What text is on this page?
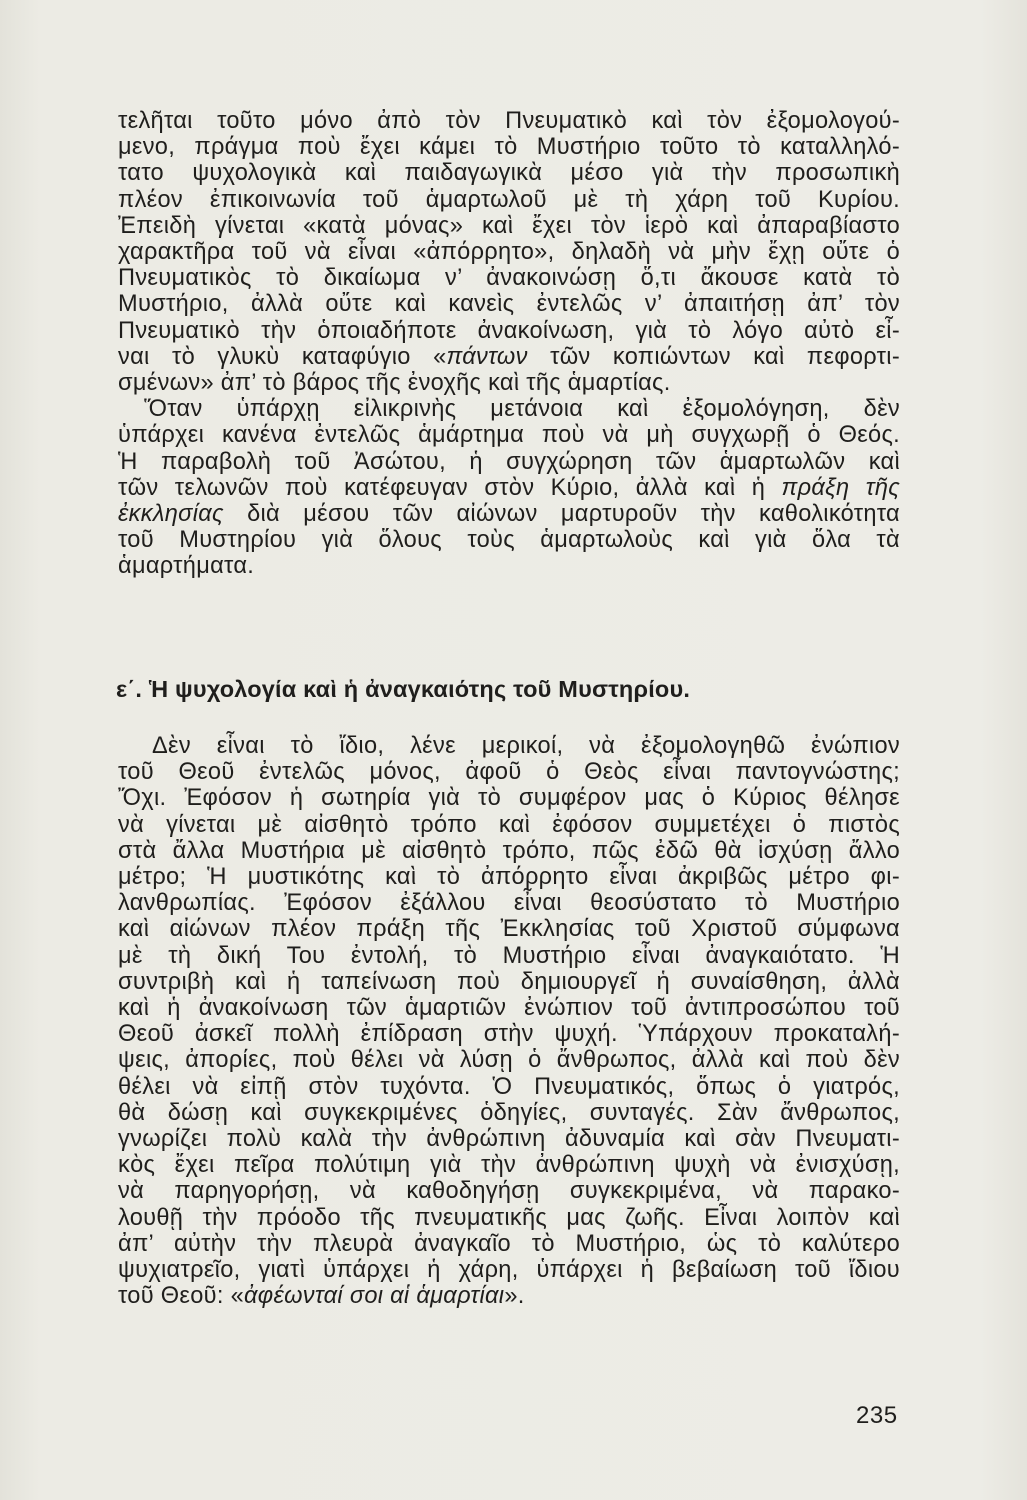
τελῆται τοῦτο μόνο ἀπὸ τὸν Πνευματικὸ καὶ τὸν ἐξομολογού-
μενο, πράγμα ποὺ ἔχει κάμει τὸ Μυστήριο τοῦτο τὸ καταλληλό-
τατο ψυχολογικὰ καὶ παιδαγωγικὰ μέσο γιὰ τὴν προσωπικὴ
πλέον ἐπικοινωνία τοῦ ἁμαρτωλοῦ μὲ τὴ χάρη τοῦ Κυρίου.
Ἐπειδὴ γίνεται «κατὰ μόνας» καὶ ἔχει τὸν ἱερὸ καὶ ἀπαραβίαστο
χαρακτῆρα τοῦ νὰ εἶναι «ἀπόρρητο», δηλαδὴ νὰ μὴν ἔχῃ οὔτε ὁ
Πνευματικὸς τὸ δικαίωμα ν’ ἀνακοινώσῃ ὅ,τι ἄκουσε κατὰ τὸ
Μυστήριο, ἀλλὰ οὔτε καὶ κανεὶς ἐντελῶς ν’ ἀπαιτήσῃ ἀπ’ τὸν
Πνευματικὸ τὴν ὁποιαδήποτε ἀνακοίνωση, γιὰ τὸ λόγο αὐτὸ εἶ-
ναι τὸ γλυκὺ καταφύγιο «πάντων τῶν κοπιώντων καὶ πεφορτι-
σμένων» ἀπ’ τὸ βάρος τῆς ἐνοχῆς καὶ τῆς ἁμαρτίας.
Ὅταν ὑπάρχῃ εἰλικρινὴς μετάνοια καὶ ἐξομολόγηση, δὲν
ὑπάρχει κανένα ἐντελῶς ἁμάρτημα ποὺ νὰ μὴ συγχωρῇ ὁ Θεός.
Ἡ παραβολὴ τοῦ Ἀσώτου, ἡ συγχώρηση τῶν ἁμαρτωλῶν καὶ
τῶν τελωνῶν ποὺ κατέφευγαν στὸν Κύριο, ἀλλὰ καὶ ἡ πράξη τῆς
ἐκκλησίας διὰ μέσου τῶν αἰώνων μαρτυροῦν τὴν καθολικότητα
τοῦ Μυστηρίου γιὰ ὅλους τοὺς ἁμαρτωλοὺς καὶ γιὰ ὅλα τὰ
ἁμαρτήματα.
ε΄. Ἡ ψυχολογία καὶ ἡ ἀναγκαιότης τοῦ Μυστηρίου.
Δὲν εἶναι τὸ ἴδιο, λένε μερικοί, νὰ ἐξομολογηθῶ ἐνώπιον
τοῦ Θεοῦ ἐντελῶς μόνος, ἀφοῦ ὁ Θεὸς εἶναι παντογνώστης;
Ὄχι. Ἐφόσον ἡ σωτηρία γιὰ τὸ συμφέρον μας ὁ Κύριος θέλησε
νὰ γίνεται μὲ αἰσθητὸ τρόπο καὶ ἐφόσον συμμετέχει ὁ πιστὸς
στὰ ἄλλα Μυστήρια μὲ αἰσθητὸ τρόπο, πῶς ἐδῶ θὰ ἰσχύσῃ ἄλλο
μέτρο; Ἡ μυστικότης καὶ τὸ ἀπόρρητο εἶναι ἀκριβῶς μέτρο φι-
λανθρωπίας. Ἐφόσον ἐξάλλου εἶναι θεοσύστατο τὸ Μυστήριο
καὶ αἰώνων πλέον πράξη τῆς Ἐκκλησίας τοῦ Χριστοῦ σύμφωνα
μὲ τὴ δική Του ἐντολή, τὸ Μυστήριο εἶναι ἀναγκαιότατο. Ἡ
συντριβὴ καὶ ἡ ταπείνωση ποὺ δημιουργεῖ ἡ συναίσθηση, ἀλλὰ
καὶ ἡ ἀνακοίνωση τῶν ἁμαρτιῶν ἐνώπιον τοῦ ἀντιπροσώπου τοῦ
Θεοῦ ἀσκεῖ πολλὴ ἐπίδραση στὴν ψυχή. Ὑπάρχουν προκαταλή-
ψεις, ἀπορίες, ποὺ θέλει νὰ λύσῃ ὁ ἄνθρωπος, ἀλλὰ καὶ ποὺ δὲν
θέλει νὰ εἰπῇ στὸν τυχόντα. Ὁ Πνευματικός, ὅπως ὁ γιατρός,
θὰ δώσῃ καὶ συγκεκριμένες ὁδηγίες, συνταγές. Σὰν ἄνθρωπος,
γνωρίζει πολὺ καλὰ τὴν ἀνθρώπινη ἀδυναμία καὶ σὰν Πνευματι-
κὸς ἔχει πεῖρα πολύτιμη γιὰ τὴν ἀνθρώπινη ψυχὴ νὰ ἐνισχύσῃ,
νὰ παρηγορήσῃ, νὰ καθοδηγήσῃ συγκεκριμένα, νὰ παρακο-
λουθῇ τὴν πρόοδο τῆς πνευματικῆς μας ζωῆς. Εἶναι λοιπὸν καὶ
ἀπ’ αὐτὴν τὴν πλευρὰ ἀναγκαῖο τὸ Μυστήριο, ὡς τὸ καλύτερο
ψυχιατρεῖο, γιατὶ ὑπάρχει ἡ χάρη, ὑπάρχει ἡ βεβαίωση τοῦ ἴδιου
τοῦ Θεοῦ: «ἀφέωνταί σοι αἱ ἁμαρτίαι».
235
